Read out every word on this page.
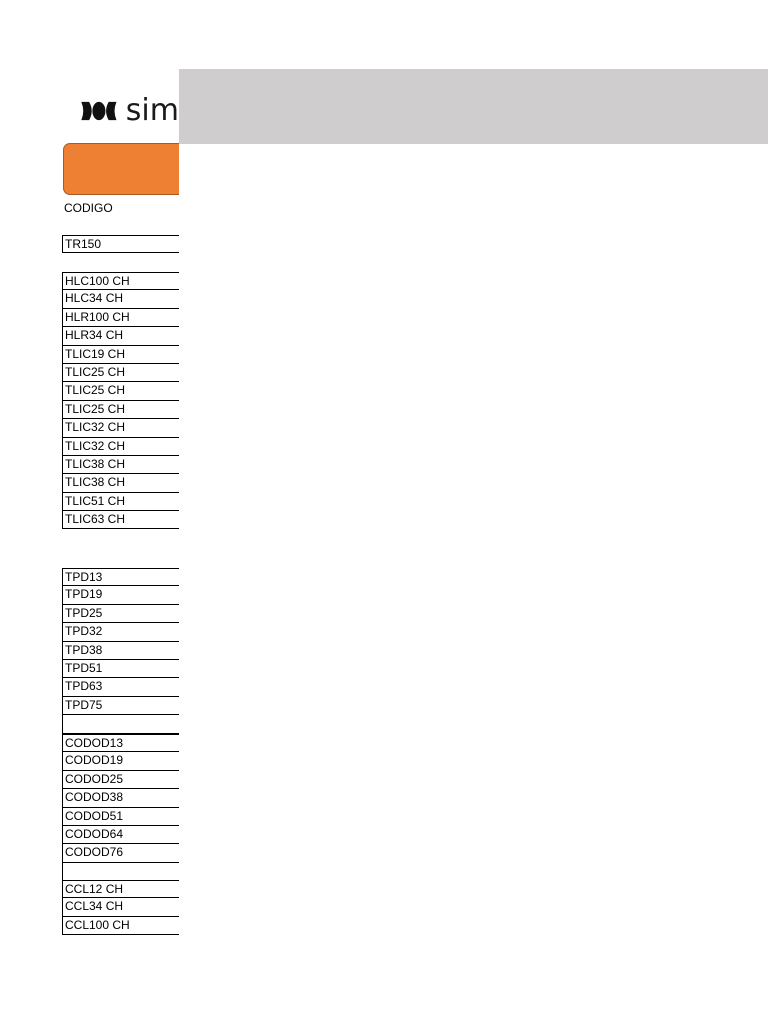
sim
CODIGO
TR150
HLC100 CH
HLC34 CH
HLR100 CH
HLR34 CH
TLIC19 CH
TLIC25 CH
TLIC25 CH
TLIC25 CH
TLIC32 CH
TLIC32 CH
TLIC38 CH
TLIC38 CH
TLIC51 CH
TLIC63 CH
TPD13
TPD19
TPD25
TPD32
TPD38
TPD51
TPD63
TPD75
CODOD13
CODOD19
CODOD25
CODOD38
CODOD51
CODOD64
CODOD76
CCL12 CH
CCL34 CH
CCL100 CH
